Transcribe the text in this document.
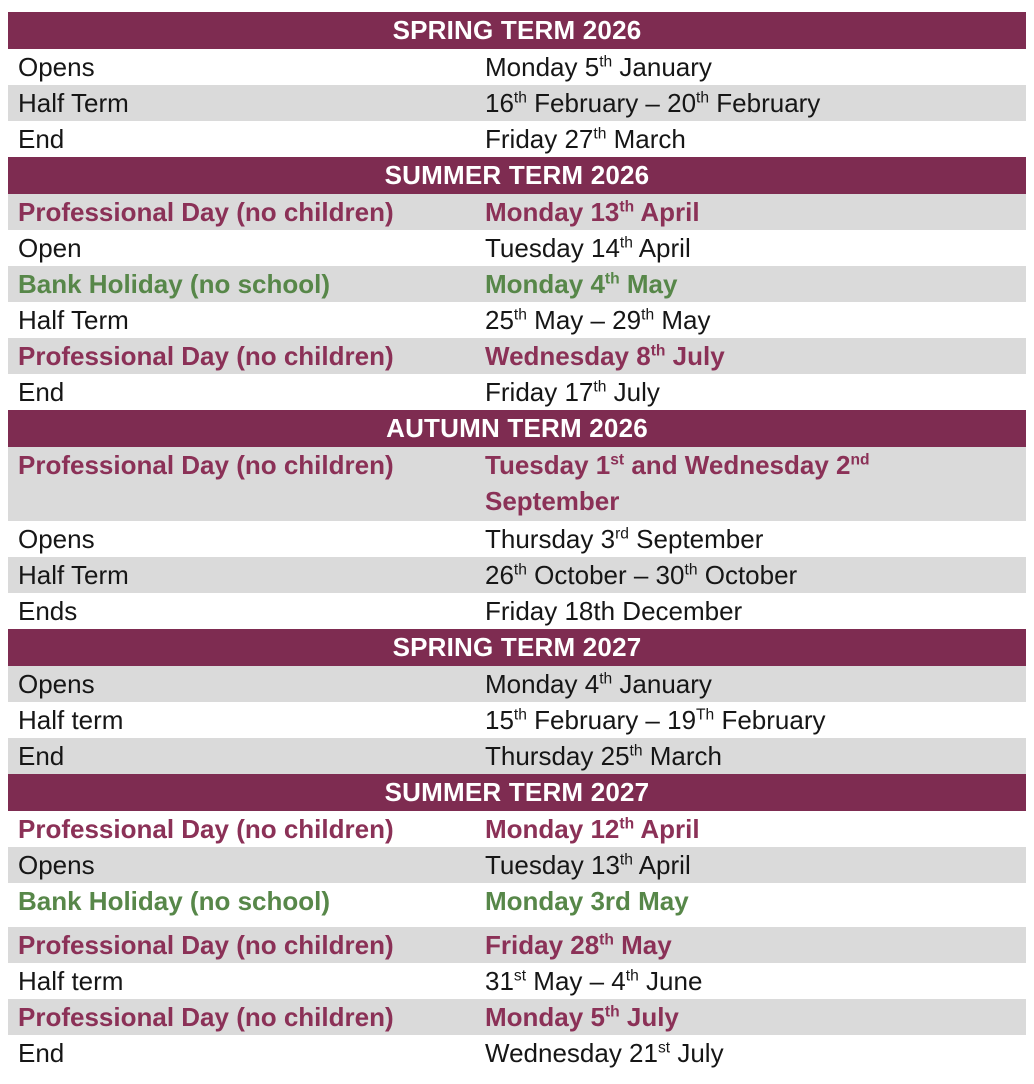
SPRING TERM 2026
Opens	Monday 5th January
Half Term	16th February – 20th February
End	Friday 27th March
SUMMER TERM 2026
Professional Day (no children)	Monday 13th April
Open	Tuesday 14th April
Bank Holiday (no school)	Monday 4th May
Half Term	25th May – 29th May
Professional Day (no children)	Wednesday 8th July
End	Friday 17th July
AUTUMN TERM 2026
Professional Day (no children)	Tuesday 1st and Wednesday 2nd
September
Opens	Thursday 3rd September
Half Term	26th October – 30th October
Ends	Friday 18th December
SPRING TERM 2027
Opens	Monday 4th January
Half term	15th February – 19Th February
End	Thursday 25th March
SUMMER TERM 2027
Professional Day (no children)	Monday 12th April
Opens	Tuesday 13th April
Bank Holiday (no school)	Monday 3rd May
Professional Day (no children)	Friday 28th May
Half term	31st May – 4th June
Professional Day (no children)	Monday 5th July
End	Wednesday 21st July
